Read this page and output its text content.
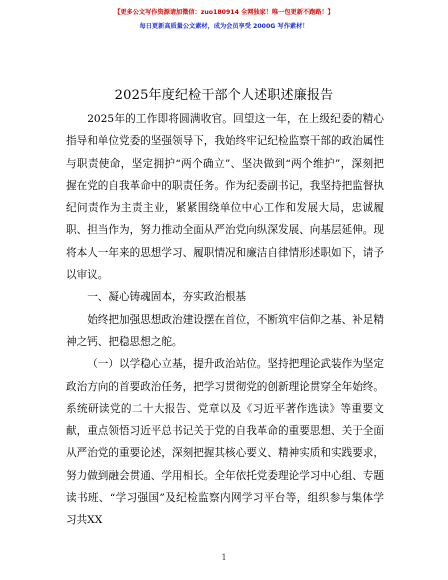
【更多公文写作资源请加微信：zuo180914 全网独家！唯一包更新不跑路！】
每日更新高质量公文素材，成为会员享受 2000G 写作素材！
2025年度纪检干部个人述职述廉报告

2025年的工作即将圆满收官。回望这一年，在上级纪委的精心指导和单位党委的坚强领导下，我始终牢记纪检监察干部的政治属性与职责使命，坚定拥护“两个确立”、坚决做到“两个维护”，深刻把握在党的自我革命中的职责任务。作为纪委副书记，我坚持把监督执纪问责作为主责主业，紧紧围绕单位中心工作和发展大局，忠诚履职、担当作为，努力推动全面从严治党向纵深发展、向基层延伸。现将本人一年来的思想学习、履职情况和廉洁自律情形述职如下，请予以审议。

一、凝心铸魂固本，夯实政治根基

始终把加强思想政治建设摆在首位，不断筑牢信仰之基、补足精神之钙、把稳思想之舵。

（一）以学稳心立基，提升政治站位。坚持把理论武装作为坚定政治方向的首要政治任务，把学习贯彻党的创新理论贯穿全年始终。系统研读党的二十大报告、党章以及《习近平著作选读》等重要文献，重点领悟习近平总书记关于党的自我革命的重要思想、关于全面从严治党的重要论述，深刻把握其核心要义、精神实质和实践要求，努力做到融会贯通、学用相长。全年依托党委理论学习中心组、专题读书班、“学习强国”及纪检监察内网学习平台等，组织参与集体学习共XX

1
